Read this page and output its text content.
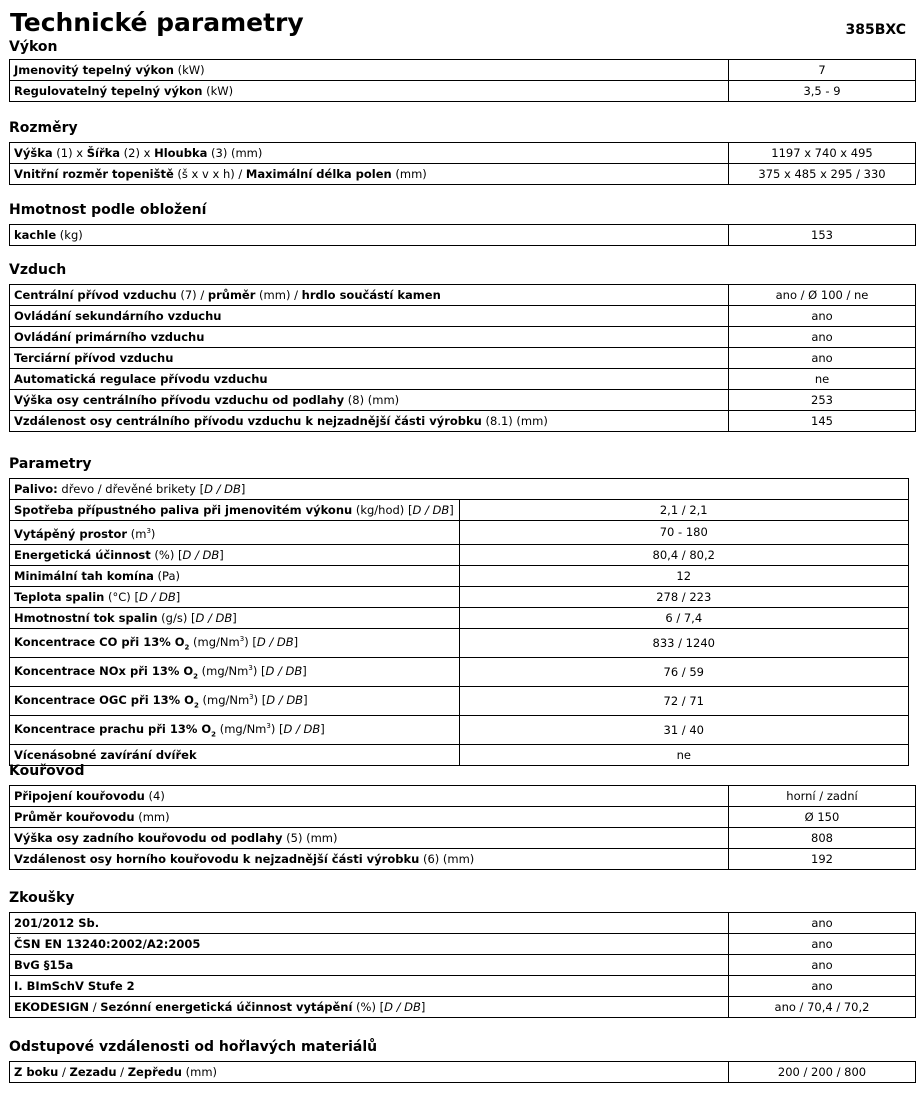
Technické parametry	385BXC
Výkon
Jmenovitý tepelný výkon (kW)	7
Regulovatelný tepelný výkon (kW)	3,5 - 9
Rozměry
Výška (1) x Šířka (2) x Hloubka (3) (mm)	1197 x 740 x 495
Vnitřní rozměr topeniště (š x v x h) / Maximální délka polen (mm)	375 x 485 x 295 / 330
Hmotnost podle obložení
kachle (kg)	153
Vzduch
Centrální přívod vzduchu (7) / průměr (mm) / hrdlo součástí kamen	ano / Ø 100 / ne
Ovládání sekundárního vzduchu	ano
Ovládání primárního vzduchu	ano
Terciární přívod vzduchu	ano
Automatická regulace přívodu vzduchu	ne
Výška osy centrálního přívodu vzduchu od podlahy (8) (mm)	253
Vzdálenost osy centrálního přívodu vzduchu k nejzadnější části výrobku (8.1) (mm)	145
Parametry
Palivo: dřevo / dřevěné brikety [D / DB]	
Spotřeba přípustného paliva při jmenovitém výkonu (kg/hod) [D / DB]	2,1 / 2,1
Vytápěný prostor $(m^3)$	70 - 180
Energetická účinnost (%) [D / DB]	80,4 / 80,2
Minimální tah komína (Pa)	12
Teplota spalin (°C) [D / DB]	278 / 223
Hmotnostní tok spalin (g/s) [D / DB]	6 / 7,4
Koncentrace CO při 13% $O_2$ (mg/Nm$^3$) [D / DB]	833 / 1240
Koncentrace NOx při 13% $O_2$ (mg/Nm$^3$) [D / DB]	76 / 59
Koncentrace OGC při 13% $O_2$ (mg/Nm$^3$) [D / DB]	72 / 71
Koncentrace prachu při 13% $O_2$ (mg/Nm$^3$) [D / DB]	31 / 40
Vícenásobné zavírání dvířek	ne
Kouřovod
Připojení kouřovodu (4)	horní / zadní
Průměr kouřovodu (mm)	Ø 150
Výška osy zadního kouřovodu od podlahy (5) (mm)	808
Vzdálenost osy horního kouřovodu k nejzadnější části výrobku (6) (mm)	192
Zkoušky
201/2012 Sb.	ano
ČSN EN 13240:2002/A2:2005	ano
BvG §15a	ano
I. BImSchV Stufe 2	ano
EKODESIGN / Sezónní energetická účinnost vytápění (%) [D / DB]	ano / 70,4 / 70,2
Odstupové vzdálenosti od hořlavých materiálů
Z boku / Zezadu / Zepředu (mm)	200 / 200 / 800
